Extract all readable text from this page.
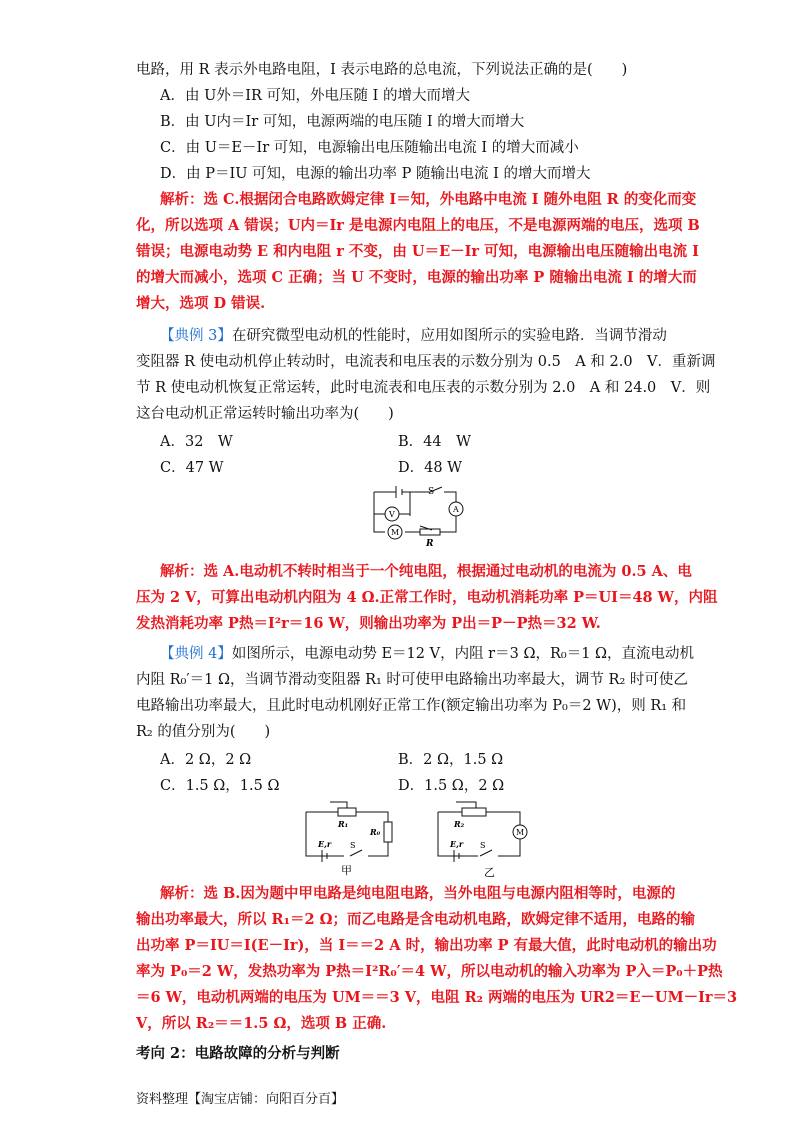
电路，用 R 表示外电路电阻，I 表示电路的总电流，下列说法正确的是(　　)
A．由 U外＝IR 可知，外电压随 I 的增大而增大
B．由 U内＝Ir 可知，电源两端的电压随 I 的增大而增大
C．由 U＝E－Ir 可知，电源输出电压随输出电流 I 的增大而减小
D．由 P＝IU 可知，电源的输出功率 P 随输出电流 I 的增大而增大
解析：选 C.根据闭合电路欧姆定律 I＝知，外电路中电流 I 随外电阻 R 的变化而变
化，所以选项 A 错误；U内＝Ir 是电源内电阻上的电压，不是电源两端的电压，选项 B
错误；电源电动势 E 和内电阻 r 不变，由 U＝E－Ir 可知，电源输出电压随输出电流 I
的增大而减小，选项 C 正确；当 U 不变时，电源的输出功率 P 随输出电流 I 的增大而
增大，选项 D 错误.
【典例 3】在研究微型电动机的性能时，应用如图所示的实验电路．当调节滑动
变阻器 R 使电动机停止转动时，电流表和电压表的示数分别为 0.5　A 和 2.0　V．重新调
节 R 使电动机恢复正常运转，此时电流表和电压表的示数分别为 2.0　A 和 24.0　V．则
这台电动机正常运转时输出功率为(　　)
A．32　W	B．44　W
C．47 W	D．48 W
S
A
V
M
R
解析：选 A.电动机不转时相当于一个纯电阻，根据通过电动机的电流为 0.5 A、电
压为 2 V，可算出电动机内阻为 4 Ω.正常工作时，电动机消耗功率 P＝UI＝48 W，内阻
发热消耗功率 P热＝I²r＝16 W，则输出功率为 P出＝P－P热＝32 W.
【典例 4】如图所示，电源电动势 E＝12 V，内阻 r＝3 Ω，R₀＝1 Ω，直流电动机
内阻 R₀′＝1 Ω，当调节滑动变阻器 R₁ 时可使甲电路输出功率最大，调节 R₂ 时可使乙
电路输出功率最大，且此时电动机刚好正常工作(额定输出功率为 P₀＝2 W)，则 R₁ 和
R₂ 的值分别为(　　)
A．2 Ω，2 Ω	B．2 Ω，1.5 Ω
C．1.5 Ω，1.5 Ω	D．1.5 Ω，2 Ω
R₁
R₀
E,r S
甲
R₂
M
E,r S
乙
解析：选 B.因为题中甲电路是纯电阻电路，当外电阻与电源内阻相等时，电源的
输出功率最大，所以 R₁＝2 Ω；而乙电路是含电动机电路，欧姆定律不适用，电路的输
出功率 P＝IU＝I(E－Ir)，当 I＝＝2 A 时，输出功率 P 有最大值，此时电动机的输出功
率为 P₀＝2 W，发热功率为 P热＝I²R₀′＝4 W，所以电动机的输入功率为 P入＝P₀＋P热
＝6 W，电动机两端的电压为 UM＝＝3 V，电阻 R₂ 两端的电压为 UR2＝E－UM－Ir＝3
V，所以 R₂＝＝1.5 Ω，选项 B 正确.
考向 2：电路故障的分析与判断
资料整理【淘宝店铺：向阳百分百】
